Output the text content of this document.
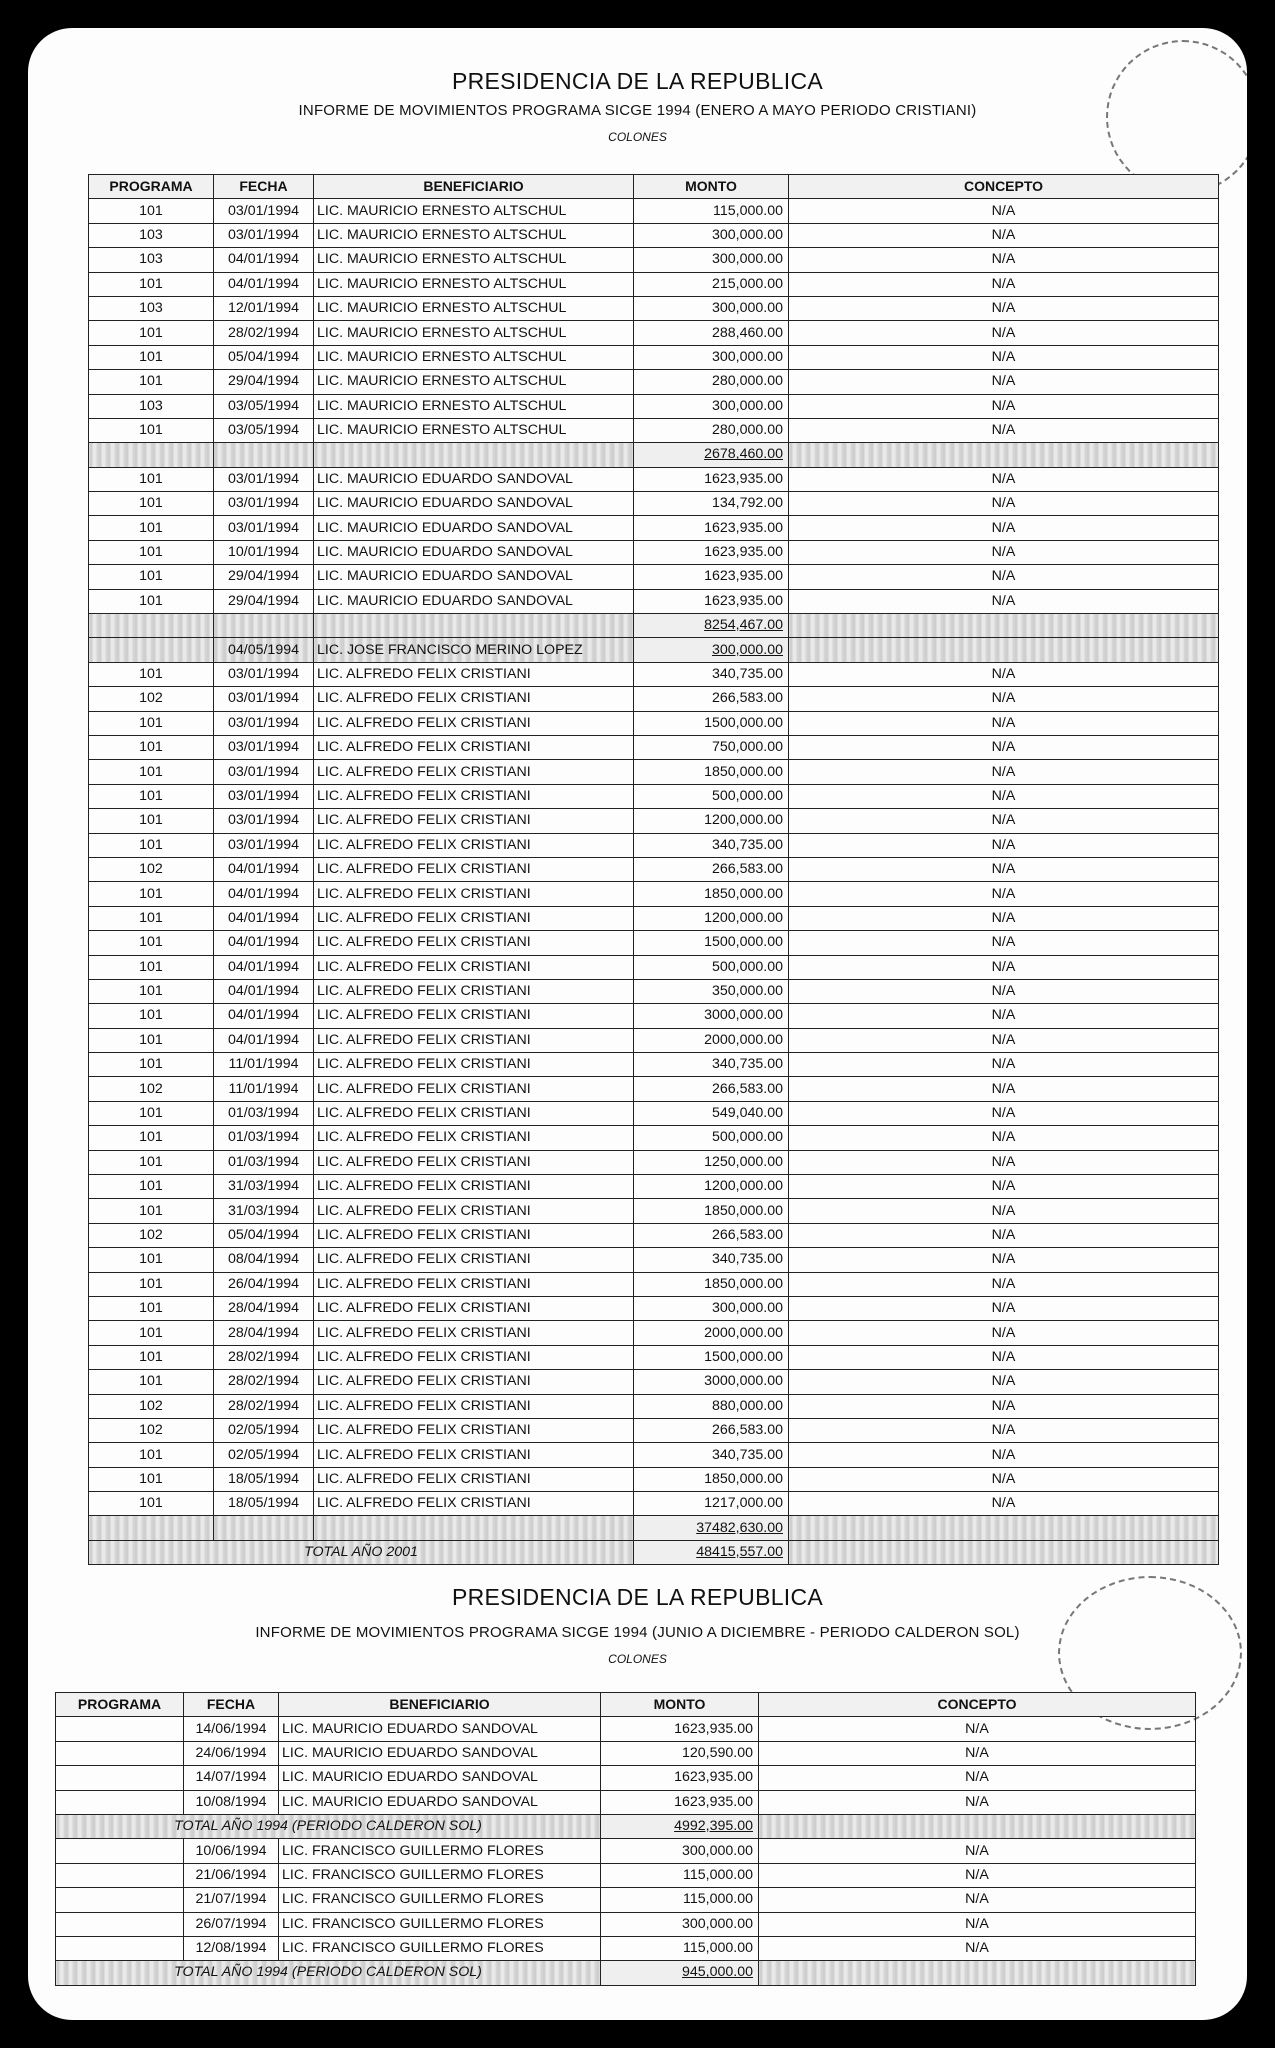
PRESIDENCIA DE LA REPUBLICA
INFORME DE MOVIMIENTOS PROGRAMA SICGE 1994 (ENERO A MAYO PERIODO CRISTIANI)
COLONES
PROGRAMA	FECHA	BENEFICIARIO	MONTO	CONCEPTO
101	03/01/1994	LIC. MAURICIO ERNESTO ALTSCHUL	115,000.00	N/A
103	03/01/1994	LIC. MAURICIO ERNESTO ALTSCHUL	300,000.00	N/A
103	04/01/1994	LIC. MAURICIO ERNESTO ALTSCHUL	300,000.00	N/A
101	04/01/1994	LIC. MAURICIO ERNESTO ALTSCHUL	215,000.00	N/A
103	12/01/1994	LIC. MAURICIO ERNESTO ALTSCHUL	300,000.00	N/A
101	28/02/1994	LIC. MAURICIO ERNESTO ALTSCHUL	288,460.00	N/A
101	05/04/1994	LIC. MAURICIO ERNESTO ALTSCHUL	300,000.00	N/A
101	29/04/1994	LIC. MAURICIO ERNESTO ALTSCHUL	280,000.00	N/A
103	03/05/1994	LIC. MAURICIO ERNESTO ALTSCHUL	300,000.00	N/A
101	03/05/1994	LIC. MAURICIO ERNESTO ALTSCHUL	280,000.00	N/A
			2678,460.00	
101	03/01/1994	LIC. MAURICIO EDUARDO SANDOVAL	1623,935.00	N/A
101	03/01/1994	LIC. MAURICIO EDUARDO SANDOVAL	134,792.00	N/A
101	03/01/1994	LIC. MAURICIO EDUARDO SANDOVAL	1623,935.00	N/A
101	10/01/1994	LIC. MAURICIO EDUARDO SANDOVAL	1623,935.00	N/A
101	29/04/1994	LIC. MAURICIO EDUARDO SANDOVAL	1623,935.00	N/A
101	29/04/1994	LIC. MAURICIO EDUARDO SANDOVAL	1623,935.00	N/A
			8254,467.00	
	04/05/1994	LIC. JOSE FRANCISCO MERINO LOPEZ	300,000.00	
101	03/01/1994	LIC. ALFREDO FELIX CRISTIANI	340,735.00	N/A
102	03/01/1994	LIC. ALFREDO FELIX CRISTIANI	266,583.00	N/A
101	03/01/1994	LIC. ALFREDO FELIX CRISTIANI	1500,000.00	N/A
101	03/01/1994	LIC. ALFREDO FELIX CRISTIANI	750,000.00	N/A
101	03/01/1994	LIC. ALFREDO FELIX CRISTIANI	1850,000.00	N/A
101	03/01/1994	LIC. ALFREDO FELIX CRISTIANI	500,000.00	N/A
101	03/01/1994	LIC. ALFREDO FELIX CRISTIANI	1200,000.00	N/A
101	03/01/1994	LIC. ALFREDO FELIX CRISTIANI	340,735.00	N/A
102	04/01/1994	LIC. ALFREDO FELIX CRISTIANI	266,583.00	N/A
101	04/01/1994	LIC. ALFREDO FELIX CRISTIANI	1850,000.00	N/A
101	04/01/1994	LIC. ALFREDO FELIX CRISTIANI	1200,000.00	N/A
101	04/01/1994	LIC. ALFREDO FELIX CRISTIANI	1500,000.00	N/A
101	04/01/1994	LIC. ALFREDO FELIX CRISTIANI	500,000.00	N/A
101	04/01/1994	LIC. ALFREDO FELIX CRISTIANI	350,000.00	N/A
101	04/01/1994	LIC. ALFREDO FELIX CRISTIANI	3000,000.00	N/A
101	04/01/1994	LIC. ALFREDO FELIX CRISTIANI	2000,000.00	N/A
101	11/01/1994	LIC. ALFREDO FELIX CRISTIANI	340,735.00	N/A
102	11/01/1994	LIC. ALFREDO FELIX CRISTIANI	266,583.00	N/A
101	01/03/1994	LIC. ALFREDO FELIX CRISTIANI	549,040.00	N/A
101	01/03/1994	LIC. ALFREDO FELIX CRISTIANI	500,000.00	N/A
101	01/03/1994	LIC. ALFREDO FELIX CRISTIANI	1250,000.00	N/A
101	31/03/1994	LIC. ALFREDO FELIX CRISTIANI	1200,000.00	N/A
101	31/03/1994	LIC. ALFREDO FELIX CRISTIANI	1850,000.00	N/A
102	05/04/1994	LIC. ALFREDO FELIX CRISTIANI	266,583.00	N/A
101	08/04/1994	LIC. ALFREDO FELIX CRISTIANI	340,735.00	N/A
101	26/04/1994	LIC. ALFREDO FELIX CRISTIANI	1850,000.00	N/A
101	28/04/1994	LIC. ALFREDO FELIX CRISTIANI	300,000.00	N/A
101	28/04/1994	LIC. ALFREDO FELIX CRISTIANI	2000,000.00	N/A
101	28/02/1994	LIC. ALFREDO FELIX CRISTIANI	1500,000.00	N/A
101	28/02/1994	LIC. ALFREDO FELIX CRISTIANI	3000,000.00	N/A
102	28/02/1994	LIC. ALFREDO FELIX CRISTIANI	880,000.00	N/A
102	02/05/1994	LIC. ALFREDO FELIX CRISTIANI	266,583.00	N/A
101	02/05/1994	LIC. ALFREDO FELIX CRISTIANI	340,735.00	N/A
101	18/05/1994	LIC. ALFREDO FELIX CRISTIANI	1850,000.00	N/A
101	18/05/1994	LIC. ALFREDO FELIX CRISTIANI	1217,000.00	N/A
			37482,630.00	
TOTAL AÑO 2001			48415,557.00	
PRESIDENCIA DE LA REPUBLICA
INFORME DE MOVIMIENTOS PROGRAMA SICGE 1994 (JUNIO A DICIEMBRE - PERIODO CALDERON SOL)
COLONES
PROGRAMA	FECHA	BENEFICIARIO	MONTO	CONCEPTO
	14/06/1994	LIC. MAURICIO EDUARDO SANDOVAL	1623,935.00	N/A
	24/06/1994	LIC. MAURICIO EDUARDO SANDOVAL	120,590.00	N/A
	14/07/1994	LIC. MAURICIO EDUARDO SANDOVAL	1623,935.00	N/A
	10/08/1994	LIC. MAURICIO EDUARDO SANDOVAL	1623,935.00	N/A
TOTAL AÑO 1994 (PERIODO CALDERON SOL)			4992,395.00	
	10/06/1994	LIC. FRANCISCO GUILLERMO FLORES	300,000.00	N/A
	21/06/1994	LIC. FRANCISCO GUILLERMO FLORES	115,000.00	N/A
	21/07/1994	LIC. FRANCISCO GUILLERMO FLORES	115,000.00	N/A
	26/07/1994	LIC. FRANCISCO GUILLERMO FLORES	300,000.00	N/A
	12/08/1994	LIC. FRANCISCO GUILLERMO FLORES	115,000.00	N/A
TOTAL AÑO 1994 (PERIODO CALDERON SOL)			945,000.00	
